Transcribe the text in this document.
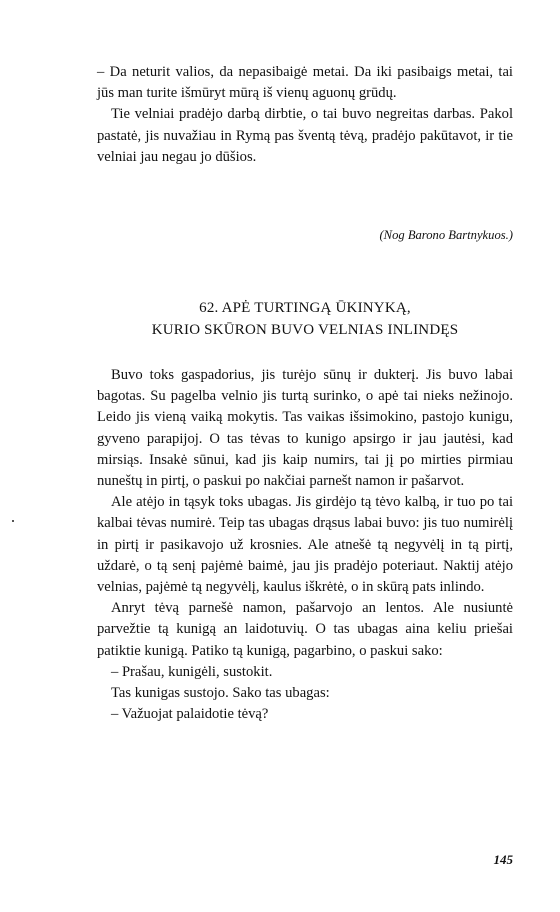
– Da neturit valios, da nepasibaigė metai. Da iki pasibaigs metai, tai jūs man turite išmūryt mūrą iš vienų aguonų grūdų.

Tie velniai pradėjo darbą dirbtie, o tai buvo negreitas darbas. Pakol pastatė, jis nuvažiau in Rymą pas šventą tėvą, pradėjo pakūtavot, ir tie velniai jau negau jo dūšios.

(Nog Barono Bartnykuos.)
62. APĖ TURTINGĄ ŪKINYKĄ,
KURIO SKŪRON BUVO VELNIAS INLINDĘS

Buvo toks gaspadorius, jis turėjo sūnų ir dukterį. Jis buvo labai bagotas. Su pagelba velnio jis turtą surinko, o apė tai nieks nežinojo. Leido jis vieną vaiką mokytis. Tas vaikas išsimokino, pastojo kunigu, gyveno parapijoj. O tas tėvas to kunigo apsirgo ir jau jautėsi, kad mirsiąs. Insakė sūnui, kad jis kaip numirs, tai jį po mirties pirmiau nuneštų in pirtį, o paskui po nakčiai parnešt namon ir pašarvot.

Ale atėjo in tąsyk toks ubagas. Jis girdėjo tą tėvo kalbą, ir tuo po tai kalbai tėvas numirė. Teip tas ubagas drąsus labai buvo: jis tuo numirėlį in pirtį ir pasikavojo už krosnies. Ale atnešė tą negyvėlį in tą pirtį, uždarė, o tą senį pajėmė baimė, jau jis pradėjo poteriaut. Naktij atėjo velnias, pajėmė tą negyvėlį, kaulus iškrėtė, o in skūrą pats inlindo.

Anryt tėvą parnešė namon, pašarvojo an lentos. Ale nusiuntė parvežtie tą kunigą an laidotuvių. O tas ubagas aina keliu priešai patiktie kunigą. Patiko tą kunigą, pagarbino, o paskui sako:

– Prašau, kunigėli, sustokit.

Tas kunigas sustojo. Sako tas ubagas:

– Važuojat palaidotie tėvą?

145
